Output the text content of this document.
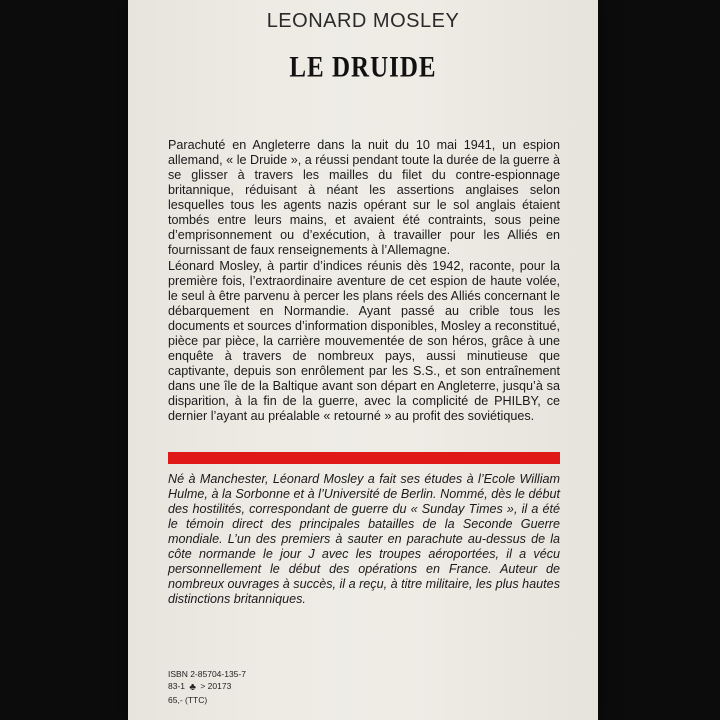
LEONARD MOSLEY
LE DRUIDE

Parachuté en Angleterre dans la nuit du 10 mai 1941, un espion allemand, « le Druide », a réussi pendant toute la durée de la guerre à se glisser à travers les mailles du filet du contre-espionnage britannique, réduisant à néant les assertions anglaises selon lesquelles tous les agents nazis opérant sur le sol anglais étaient tombés entre leurs mains, et avaient été contraints, sous peine d’emprisonnement ou d’exécution, à travailler pour les Alliés en fournissant de faux renseignements à l’Allemagne.

Léonard Mosley, à partir d’indices réunis dès 1942, raconte, pour la première fois, l’extraordinaire aventure de cet espion de haute volée, le seul à être parvenu à percer les plans réels des Alliés concernant le débarquement en Normandie. Ayant passé au crible tous les documents et sources d’information disponibles, Mosley a reconstitué, pièce par pièce, la carrière mouvementée de son héros, grâce à une enquête à travers de nombreux pays, aussi minutieuse que captivante, depuis son enrôlement par les S.S., et son entraînement dans une île de la Baltique avant son départ en Angleterre, jusqu’à sa disparition, à la fin de la guerre, avec la complicité de PHILBY, ce dernier l’ayant au préalable « retourné » au profit des soviétiques.

Né à Manchester, Léonard Mosley a fait ses études à l’Ecole William Hulme, à la Sorbonne et à l’Université de Berlin. Nommé, dès le début des hostilités, correspondant de guerre du « Sunday Times », il a été le témoin direct des principales batailles de la Seconde Guerre mondiale. L’un des premiers à sauter en parachute au-dessus de la côte normande le jour J avec les troupes aéroportées, il a vécu personnellement le début des opérations en France. Auteur de nombreux ouvrages à succès, il a reçu, à titre militaire, les plus hautes distinctions britanniques.

ISBN 2-85704-135-7
83-1 ♣ > 20173
65,- (TTC)
